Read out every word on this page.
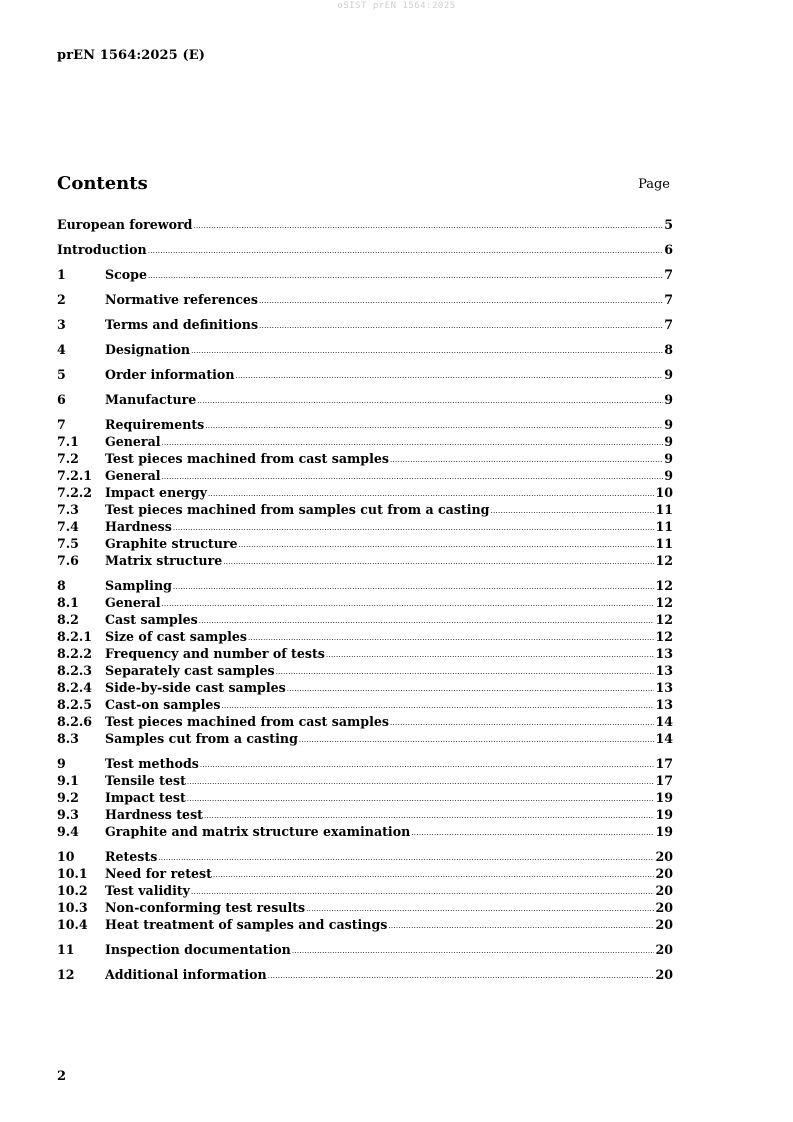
oSIST prEN 1564:2025
prEN 1564:2025 (E)
Contents	Page
European foreword .....	5
Introduction .....	6
1	Scope .....	7
2	Normative references .....	7
3	Terms and definitions .....	7
4	Designation .....	8
5	Order information .....	9
6	Manufacture .....	9
7	Requirements .....	9
7.1	General .....	9
7.2	Test pieces machined from cast samples .....	9
7.2.1	General .....	9
7.2.2	Impact energy .....	10
7.3	Test pieces machined from samples cut from a casting .....	11
7.4	Hardness .....	11
7.5	Graphite structure .....	11
7.6	Matrix structure .....	12
8	Sampling .....	12
8.1	General .....	12
8.2	Cast samples .....	12
8.2.1	Size of cast samples .....	12
8.2.2	Frequency and number of tests .....	13
8.2.3	Separately cast samples .....	13
8.2.4	Side-by-side cast samples .....	13
8.2.5	Cast-on samples .....	13
8.2.6	Test pieces machined from cast samples .....	14
8.3	Samples cut from a casting .....	14
9	Test methods .....	17
9.1	Tensile test .....	17
9.2	Impact test .....	19
9.3	Hardness test .....	19
9.4	Graphite and matrix structure examination .....	19
10	Retests .....	20
10.1	Need for retest .....	20
10.2	Test validity .....	20
10.3	Non-conforming test results .....	20
10.4	Heat treatment of samples and castings .....	20
11	Inspection documentation .....	20
12	Additional information .....	20
2
